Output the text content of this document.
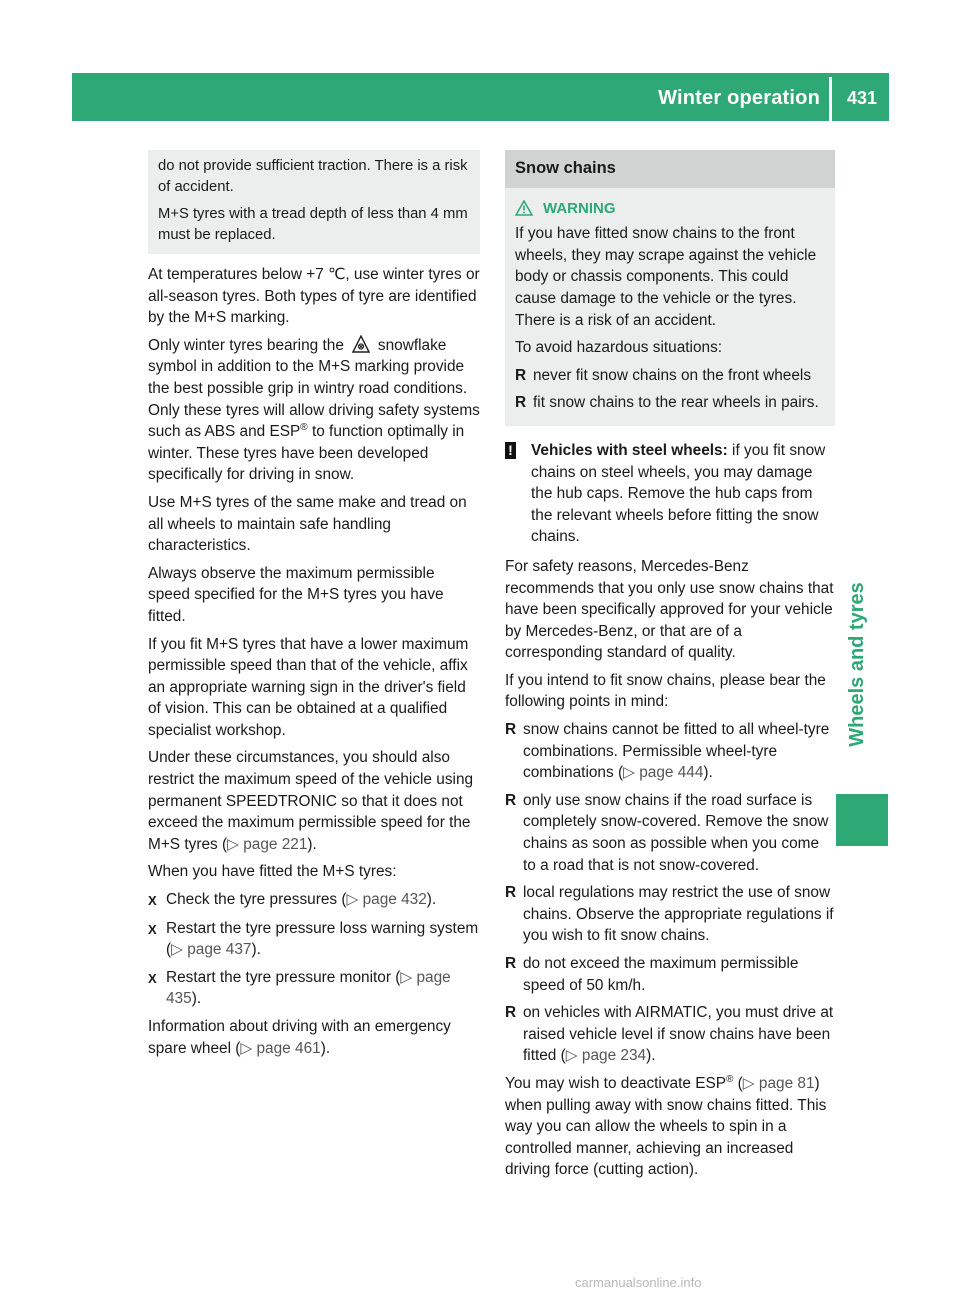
Winter operation 431
Wheels and tyres

do not provide sufficient traction. There is a risk of accident.

M+S tyres with a tread depth of less than 4 mm must be replaced.

At temperatures below +7 ℃, use winter tyres or all-season tyres. Both types of tyre are identified by the M+S marking.

Only winter tyres bearing the snowflake symbol in addition to the M+S marking provide the best possible grip in wintry road conditions. Only these tyres will allow driving safety systems such as ABS and ESP® to function optimally in winter. These tyres have been developed specifically for driving in snow.

Use M+S tyres of the same make and tread on all wheels to maintain safe handling characteristics.

Always observe the maximum permissible speed specified for the M+S tyres you have fitted.

If you fit M+S tyres that have a lower maximum permissible speed than that of the vehicle, affix an appropriate warning sign in the driver's field of vision. This can be obtained at a qualified specialist workshop.

Under these circumstances, you should also restrict the maximum speed of the vehicle using permanent SPEEDTRONIC so that it does not exceed the maximum permissible speed for the M+S tyres (▷ page 221).

When you have fitted the M+S tyres:

X Check the tyre pressures (▷ page 432).
X Restart the tyre pressure loss warning system (▷ page 437).
X Restart the tyre pressure monitor (▷ page 435).

Information about driving with an emergency spare wheel (▷ page 461).

Snow chains
WARNING

If you have fitted snow chains to the front wheels, they may scrape against the vehicle body or chassis components. This could cause damage to the vehicle or the tyres. There is a risk of an accident.

To avoid hazardous situations:

R never fit snow chains on the front wheels
R fit snow chains to the rear wheels in pairs.
!	Vehicles with steel wheels: if you fit snow chains on steel wheels, you may damage the hub caps. Remove the hub caps from the relevant wheels before fitting the snow chains.

For safety reasons, Mercedes-Benz recommends that you only use snow chains that have been specifically approved for your vehicle by Mercedes-Benz, or that are of a corresponding standard of quality.

If you intend to fit snow chains, please bear the following points in mind:

R snow chains cannot be fitted to all wheel-tyre combinations. Permissible wheel-tyre combinations (▷ page 444).
R only use snow chains if the road surface is completely snow-covered. Remove the snow chains as soon as possible when you come to a road that is not snow-covered.
R local regulations may restrict the use of snow chains. Observe the appropriate regulations if you wish to fit snow chains.
R do not exceed the maximum permissible speed of 50 km/h.
R on vehicles with AIRMATIC, you must drive at raised vehicle level if snow chains have been fitted (▷ page 234).

You may wish to deactivate ESP® (▷ page 81) when pulling away with snow chains fitted. This way you can allow the wheels to spin in a controlled manner, achieving an increased driving force (cutting action).

carmanualsonline.info
